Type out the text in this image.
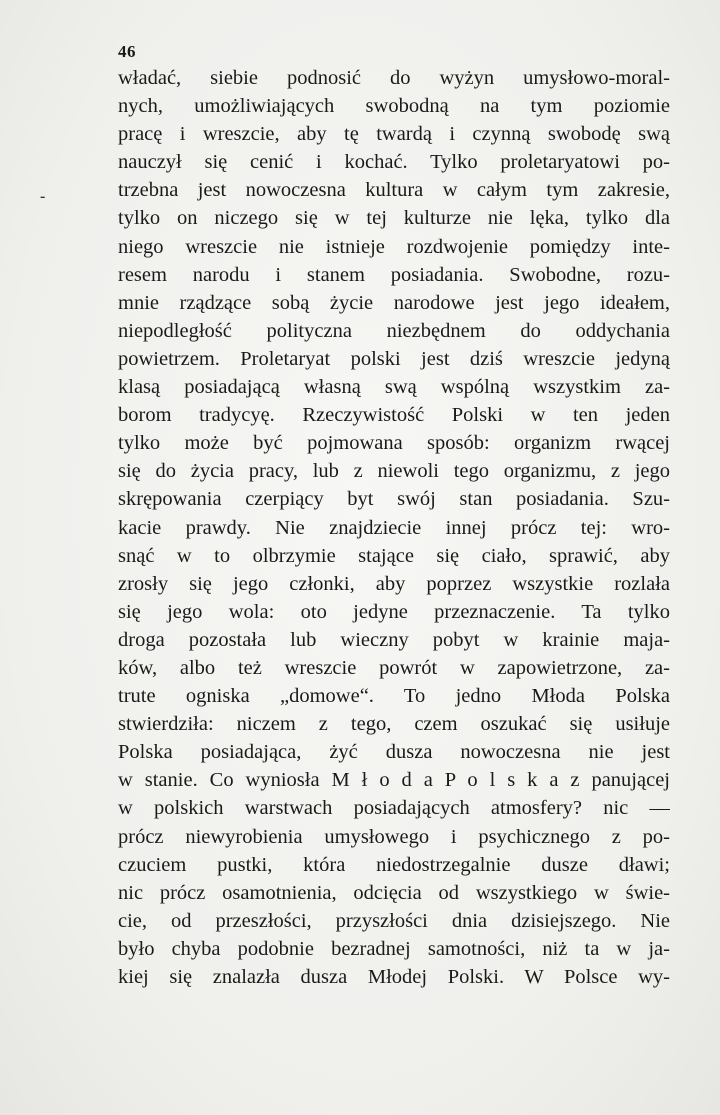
46
-
władać, siebie podnosić do wyżyn umysłowo-moral-
nych, umożliwiających swobodną na tym poziomie
pracę i wreszcie, aby tę twardą i czynną swobodę swą
nauczył się cenić i kochać. Tylko proletaryatowi po-
trzebna jest nowoczesna kultura w całym tym zakresie,
tylko on niczego się w tej kulturze nie lęka, tylko dla
niego wreszcie nie istnieje rozdwojenie pomiędzy inte-
resem narodu i stanem posiadania. Swobodne, rozu-
mnie rządzące sobą życie narodowe jest jego ideałem,
niepodległość polityczna niezbędnem do oddychania
powietrzem. Proletaryat polski jest dziś wreszcie jedyną
klasą posiadającą własną swą wspólną wszystkim za-
borom tradycyę. Rzeczywistość Polski w ten jeden
tylko może być pojmowana sposób: organizm rwącej
się do życia pracy, lub z niewoli tego organizmu, z jego
skrępowania czerpiący byt swój stan posiadania. Szu-
kacie prawdy. Nie znajdziecie innej prócz tej: wro-
snąć w to olbrzymie stające się ciało, sprawić, aby
zrosły się jego członki, aby poprzez wszystkie rozlała
się jego wola: oto jedyne przeznaczenie. Ta tylko
droga pozostała lub wieczny pobyt w krainie maja-
ków, albo też wreszcie powrót w zapowietrzone, za-
trute ogniska „domowe“. To jedno Młoda Polska
stwierdziła: niczem z tego, czem oszukać się usiłuje
Polska posiadająca, żyć dusza nowoczesna nie jest
w stanie. Co wyniosła M ł o d a P o l s k a z panującej
w polskich warstwach posiadających atmosfery? nic —
prócz niewyrobienia umysłowego i psychicznego z po-
czuciem pustki, która niedostrzegalnie dusze dławi;
nic prócz osamotnienia, odcięcia od wszystkiego w świe-
cie, od przeszłości, przyszłości dnia dzisiejszego. Nie
było chyba podobnie bezradnej samotności, niż ta w ja-
kiej się znalazła dusza Młodej Polski. W Polsce wy-
